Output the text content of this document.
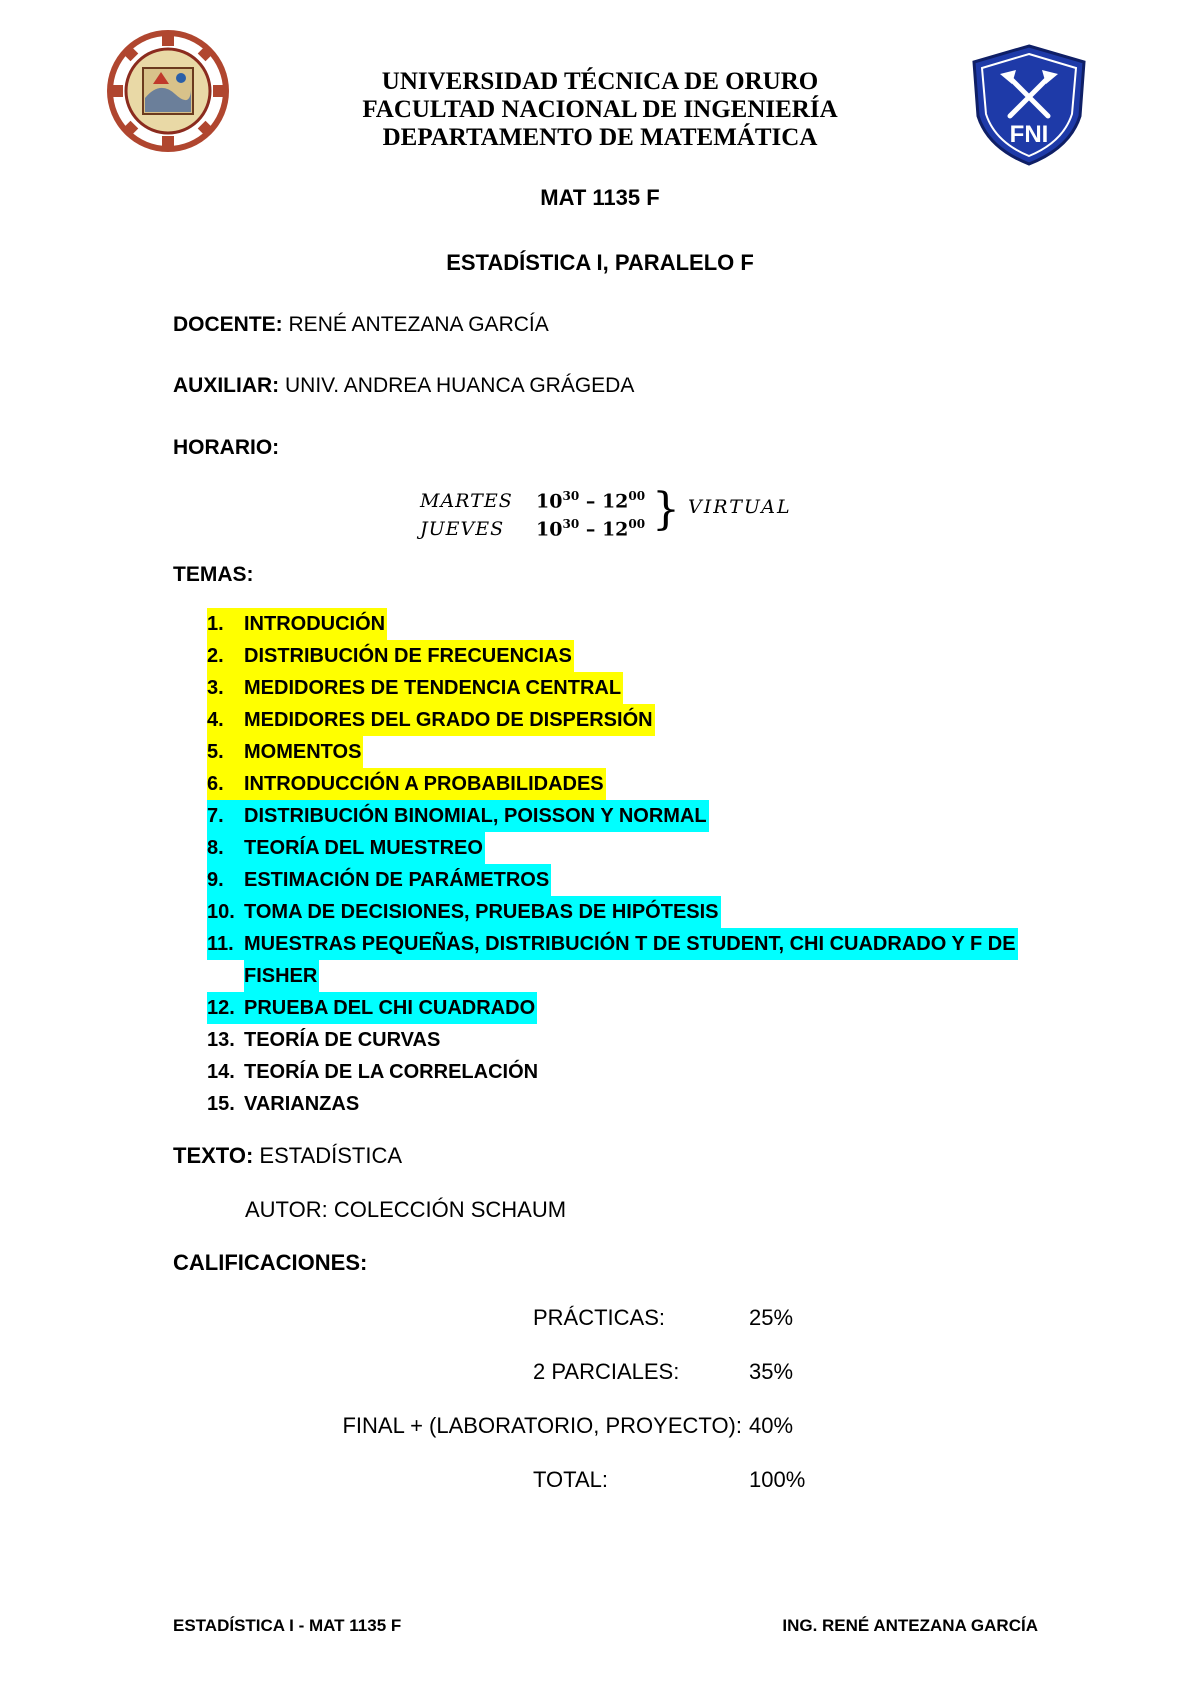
FNI
UNIVERSIDAD TÉCNICA DE ORURO
FACULTAD NACIONAL DE INGENIERÍA
DEPARTAMENTO DE MATEMÁTICA
MAT 1135 F
ESTADÍSTICA I, PARALELO F
DOCENTE: RENÉ ANTEZANA GARCÍA
AUXILIAR: UNIV. ANDREA HUANCA GRÁGEDA
HORARIO:
MARTES $10^{30} - 12^{00}$
JUEVES $10^{30} - 12^{00}$ } VIRTUAL
TEMAS:
1. INTRODUCIÓN
2. DISTRIBUCIÓN DE FRECUENCIAS
3. MEDIDORES DE TENDENCIA CENTRAL
4. MEDIDORES DEL GRADO DE DISPERSIÓN
5. MOMENTOS
6. INTRODUCCIÓN A PROBABILIDADES
7. DISTRIBUCIÓN BINOMIAL, POISSON Y NORMAL
8. TEORÍA DEL MUESTREO
9. ESTIMACIÓN DE PARÁMETROS
10. TOMA DE DECISIONES, PRUEBAS DE HIPÓTESIS
11. MUESTRAS PEQUEÑAS, DISTRIBUCIÓN T DE STUDENT, CHI CUADRADO Y F DE
FISHER
12. PRUEBA DEL CHI CUADRADO
13. TEORÍA DE CURVAS
14. TEORÍA DE LA CORRELACIÓN
15. VARIANZAS
TEXTO: ESTADÍSTICA
AUTOR: COLECCIÓN SCHAUM
CALIFICACIONES:
PRÁCTICAS:	25%
2 PARCIALES:	35%
FINAL + (LABORATORIO, PROYECTO): 40%
TOTAL:	100%
ESTADÍSTICA I - MAT 1135 F	ING. RENÉ ANTEZANA GARCÍA
